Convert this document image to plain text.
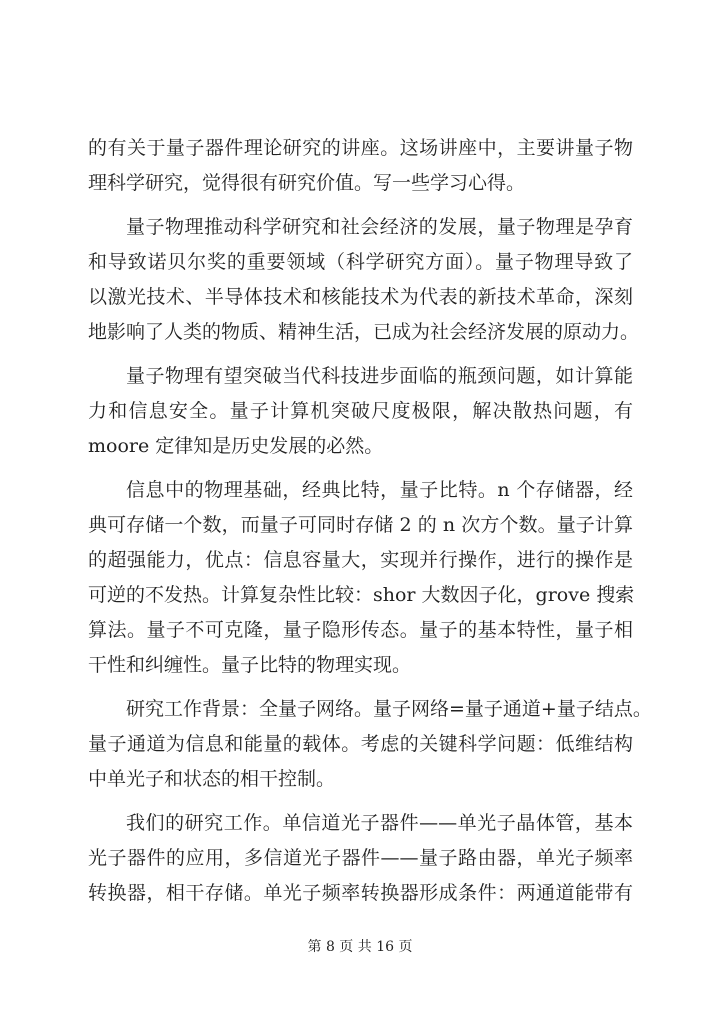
的有关于量子器件理论研究的讲座。这场讲座中，主要讲量子物
理科学研究，觉得很有研究价值。写一些学习心得。
量子物理推动科学研究和社会经济的发展，量子物理是孕育
和导致诺贝尔奖的重要领域（科学研究方面）。量子物理导致了
以激光技术、半导体技术和核能技术为代表的新技术革命，深刻
地影响了人类的物质、精神生活，已成为社会经济发展的原动力。
量子物理有望突破当代科技进步面临的瓶颈问题，如计算能
力和信息安全。量子计算机突破尺度极限，解决散热问题，有
moore 定律知是历史发展的必然。
信息中的物理基础，经典比特，量子比特。n 个存储器，经
典可存储一个数，而量子可同时存储 2 的 n 次方个数。量子计算
的超强能力，优点：信息容量大，实现并行操作，进行的操作是
可逆的不发热。计算复杂性比较：shor 大数因子化，grove 搜索
算法。量子不可克隆，量子隐形传态。量子的基本特性，量子相
干性和纠缠性。量子比特的物理实现。
研究工作背景：全量子网络。量子网络=量子通道+量子结点。
量子通道为信息和能量的载体。考虑的关键科学问题：低维结构
中单光子和状态的相干控制。
我们的研究工作。单信道光子器件——单光子晶体管，基本
光子器件的应用，多信道光子器件——量子路由器，单光子频率
转换器，相干存储。单光子频率转换器形成条件：两通道能带有
第 8 页 共 16 页
